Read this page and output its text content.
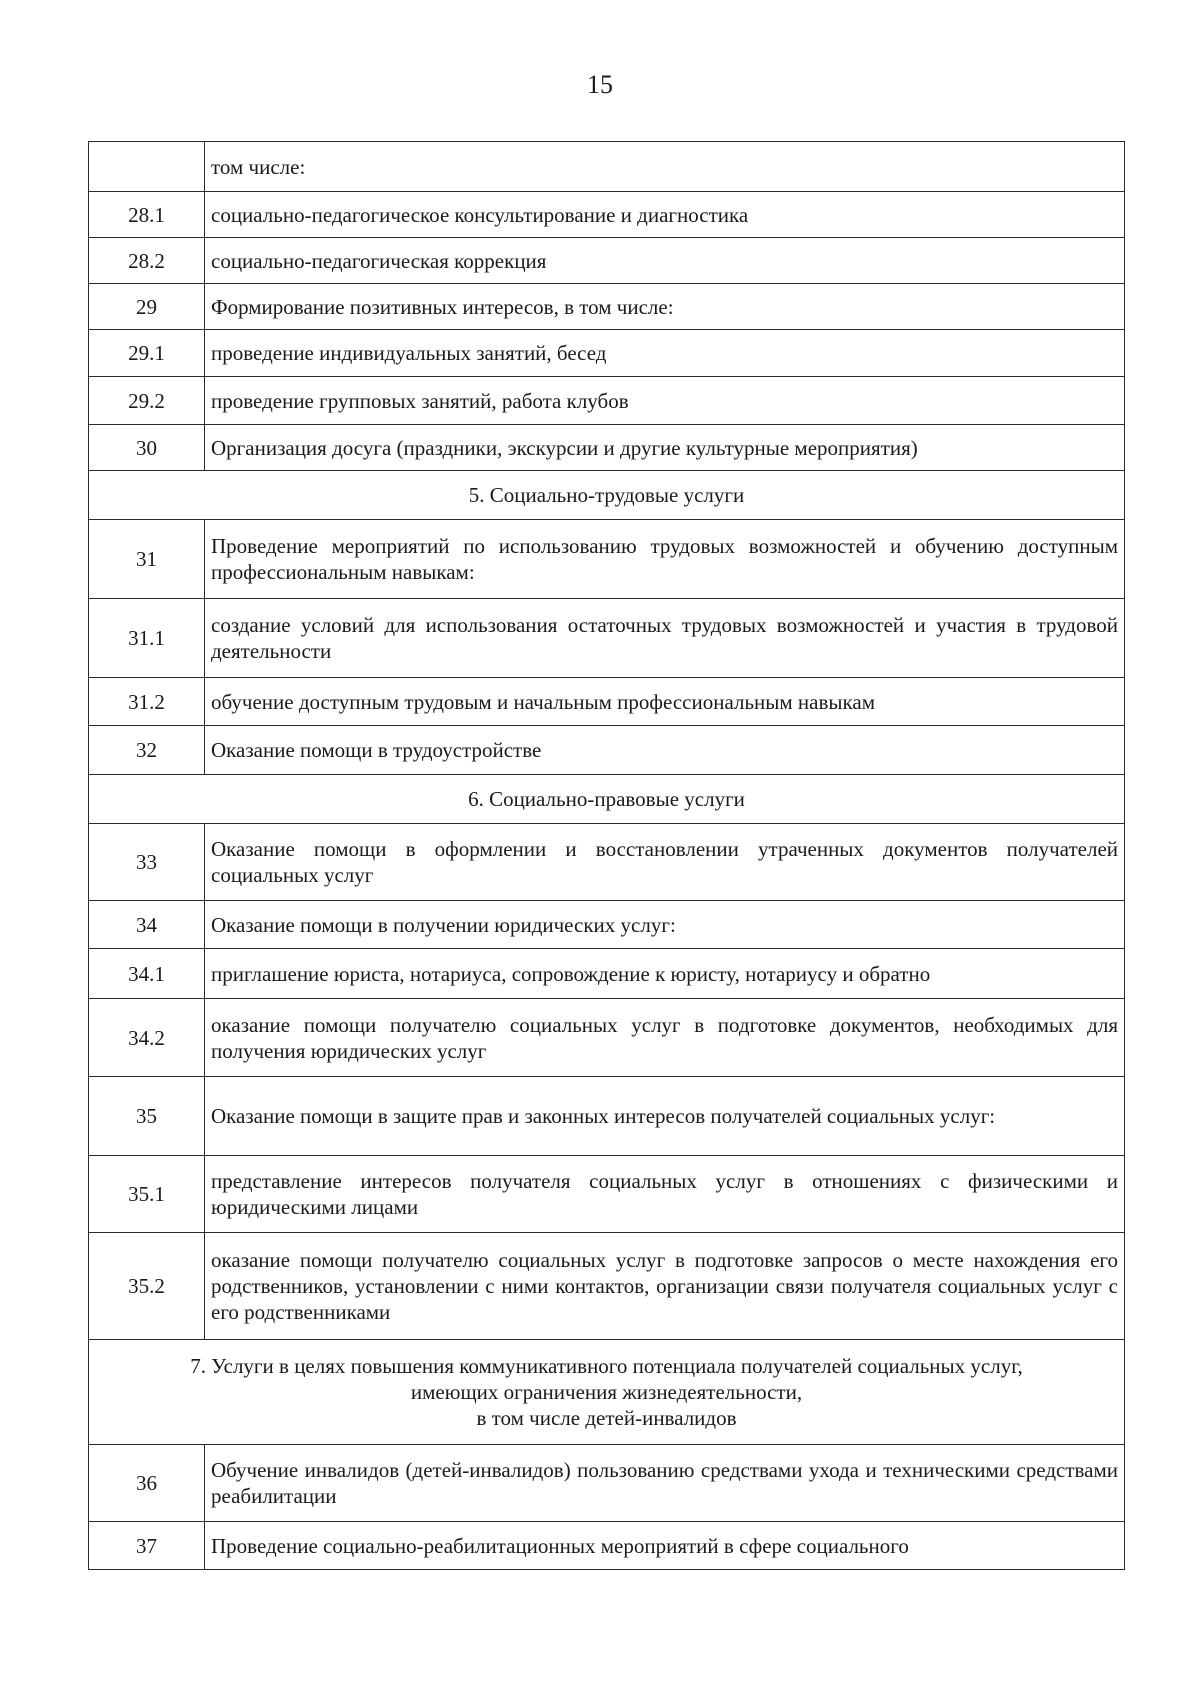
15
	том числе:
28.1	социально-педагогическое консультирование и диагностика
28.2	социально-педагогическая коррекция
29	Формирование позитивных интересов, в том числе:
29.1	проведение индивидуальных занятий, бесед
29.2	проведение групповых занятий, работа клубов
30	Организация досуга (праздники, экскурсии и другие культурные мероприятия)
5. Социально-трудовые услуги	
31	Проведение мероприятий по использованию трудовых возможностей и обучению доступным профессиональным навыкам:
31.1	создание условий для использования остаточных трудовых возможностей и участия в трудовой деятельности
31.2	обучение доступным трудовым и начальным профессиональным навыкам
32	Оказание помощи в трудоустройстве
6. Социально-правовые услуги	
33	Оказание помощи в оформлении и восстановлении утраченных документов получателей социальных услуг
34	Оказание помощи в получении юридических услуг:
34.1	приглашение юриста, нотариуса, сопровождение к юристу, нотариусу и обратно
34.2	оказание помощи получателю социальных услуг в подготовке документов, необходимых для получения юридических услуг
35	Оказание помощи в защите прав и законных интересов получателей социальных услуг:
35.1	представление интересов получателя социальных услуг в отношениях с физическими и юридическими лицами
35.2	оказание помощи получателю социальных услуг в подготовке запросов о месте нахождения его родственников, установлении с ними контактов, организации связи получателя социальных услуг с его родственниками

7. Услуги в целях повышения коммуникативного потенциала получателей социальных услуг,
имеющих ограничения жизнедеятельности,
в том числе детей-инвалидов	

36	Обучение инвалидов (детей-инвалидов) пользованию средствами ухода и техническими средствами реабилитации
37	Проведение социально-реабилитационных мероприятий в сфере социального
